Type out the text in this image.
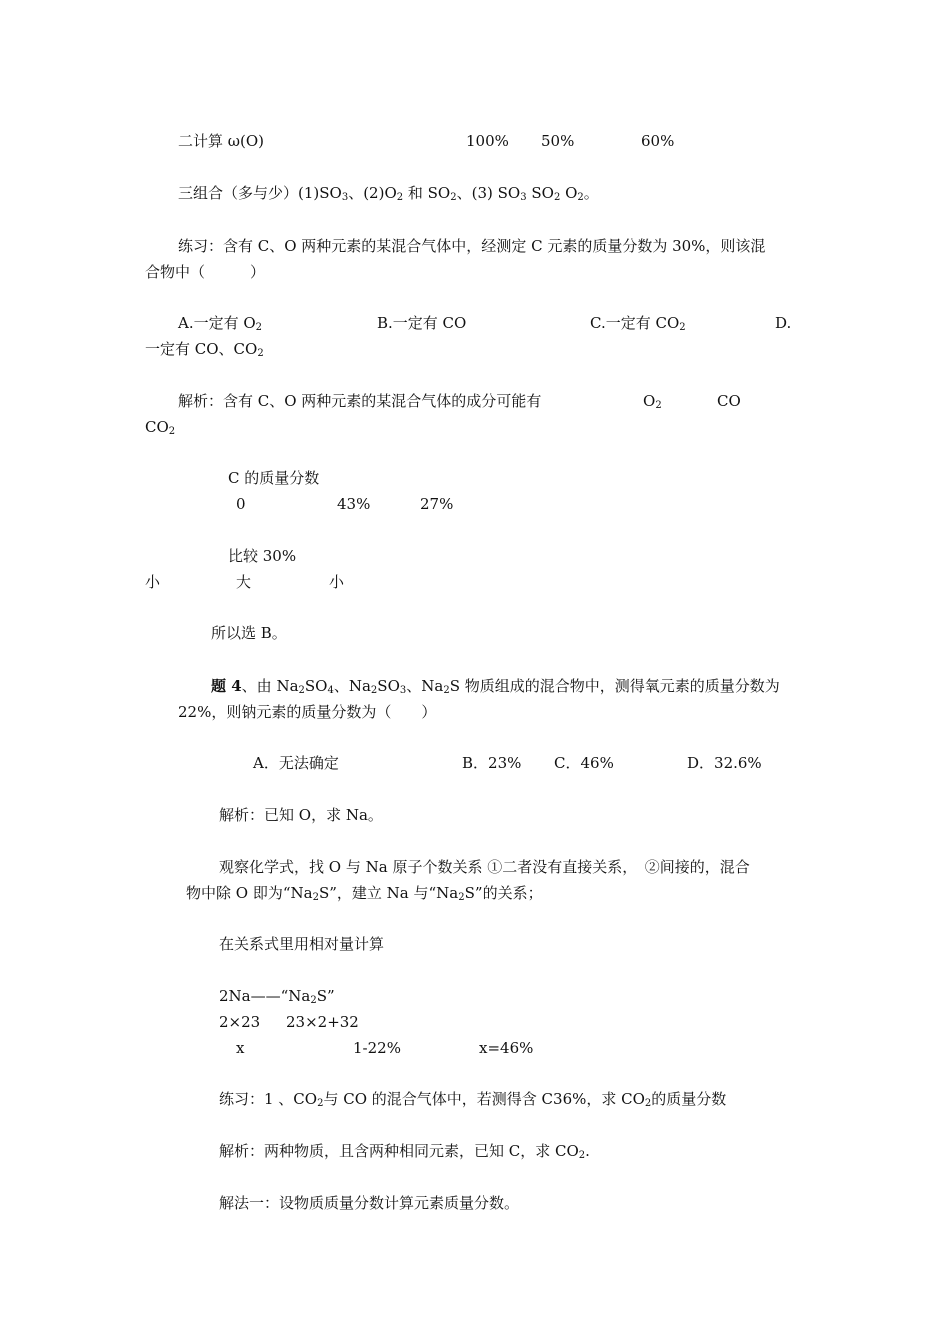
二计算 ω(O)	100% 50%	60%
三组合（多与少）$(1)SO_3$、$(2)O_2$ 和 $SO_2$、(3) $SO_3$ $SO_2$ $O_2$。
练习：含有 C、O 两种元素的某混合气体中，经测定 C 元素的质量分数为 30%，则该混
合物中（　　　）
A.一定有 $O_2$	B.一定有 CO	C.一定有 $CO_2$	D.
一定有 CO、$CO_2$
解析：含有 C、O 两种元素的某混合气体的成分可能有	$O_2$	CO
$CO_2$
C 的质量分数
0	43%	27%
比较 30%
小	大	小
所以选 B。
题 4、由 $Na_2SO_4$、$Na_2SO_3$、$Na_2S$ 物质组成的混合物中，测得氧元素的质量分数为
22%，则钠元素的质量分数为（　　）
A．无法确定	B．23% C．46%	D．32.6%
解析：已知 O，求 Na。
观察化学式，找 O 与 Na 原子个数关系 ①二者没有直接关系，　②间接的，混合
物中除 O 即为“$Na_2S$”，建立 Na 与“$Na_2S$”的关系；
在关系式里用相对量计算
$2Na——“Na_2S$”
2×23 23×2+32
x	1-22%	x=46%
练习：1 、$CO_2$与 CO 的混合气体中，若测得含 C36%，求 $CO_2$的质量分数
解析：两种物质，且含两种相同元素，已知 C，求 $CO_2$.
解法一：设物质质量分数计算元素质量分数。
